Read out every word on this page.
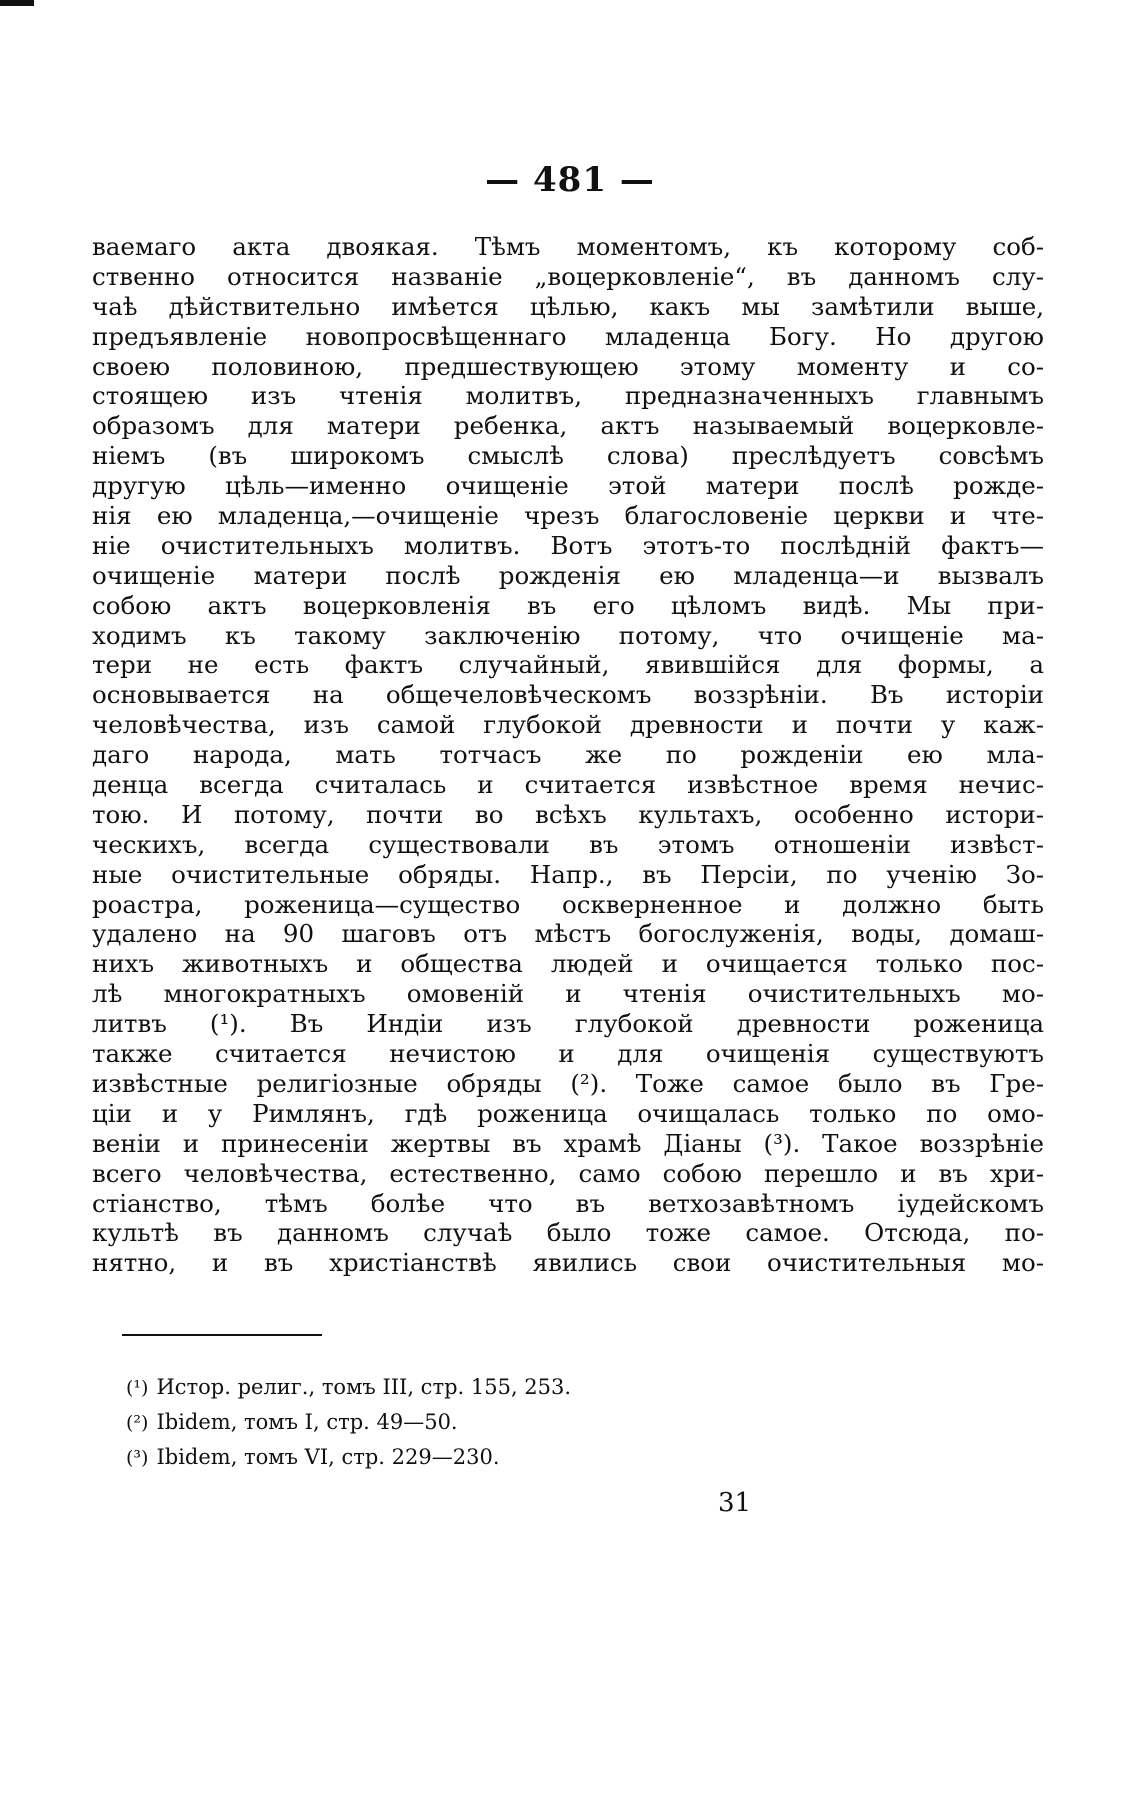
— 481 —
ваемаго акта двоякая. Тѣмъ моментомъ, къ которому соб-
ственно относится названіе „воцерковленіе“, въ данномъ слу-
чаѣ дѣйствительно имѣется цѣлью, какъ мы замѣтили выше,
предъявленіе новопросвѣщеннаго младенца Богу. Но другою
своею половиною, предшествующею этому моменту и со-
стоящею изъ чтенія молитвъ, предназначенныхъ главнымъ
образомъ для матери ребенка, актъ называемый воцерковле-
ніемъ (въ широкомъ смыслѣ слова) преслѣдуетъ совсѣмъ
другую цѣль—именно очищеніе этой матери послѣ рожде-
нія ею младенца,—очищеніе чрезъ благословеніе церкви и чте-
ніе очистительныхъ молитвъ. Вотъ этотъ-то послѣдній фактъ—
очищеніе матери послѣ рожденія ею младенца—и вызвалъ
собою актъ воцерковленія въ его цѣломъ видѣ. Мы при-
ходимъ къ такому заключенію потому, что очищеніе ма-
тери не есть фактъ случайный, явившійся для формы, а
основывается на общечеловѣческомъ воззрѣніи. Въ исторіи
человѣчества, изъ самой глубокой древности и почти у каж-
даго народа, мать тотчасъ же по рожденіи ею мла-
денца всегда считалась и считается извѣстное время нечис-
тою. И потому, почти во всѣхъ культахъ, особенно истори-
ческихъ, всегда существовали въ этомъ отношеніи извѣст-
ные очистительные обряды. Напр., въ Персіи, по ученію Зо-
роастра, роженица—существо оскверненное и должно быть
удалено на 90 шаговъ отъ мѣстъ богослуженія, воды, домаш-
нихъ животныхъ и общества людей и очищается только пос-
лѣ многократныхъ омовеній и чтенія очистительныхъ мо-
литвъ (¹). Въ Индіи изъ глубокой древности роженица
также считается нечистою и для очищенія существуютъ
извѣстные религіозные обряды (²). Тоже самое было въ Гре-
ціи и у Римлянъ, гдѣ роженица очищалась только по омо-
веніи и принесеніи жертвы въ храмѣ Діаны (³). Такое воззрѣніе
всего человѣчества, естественно, само собою перешло и въ хри-
стіанство, тѣмъ болѣе что въ ветхозавѣтномъ іудейскомъ
культѣ въ данномъ случаѣ было тоже самое. Отсюда, по-
нятно, и въ христіанствѣ явились свои очистительныя мо-
(¹) Истор. религ., томъ III, стр. 155, 253.
(²) Ibidem, томъ I, стр. 49—50.
(³) Ibidem, томъ VI, стр. 229—230.
31
